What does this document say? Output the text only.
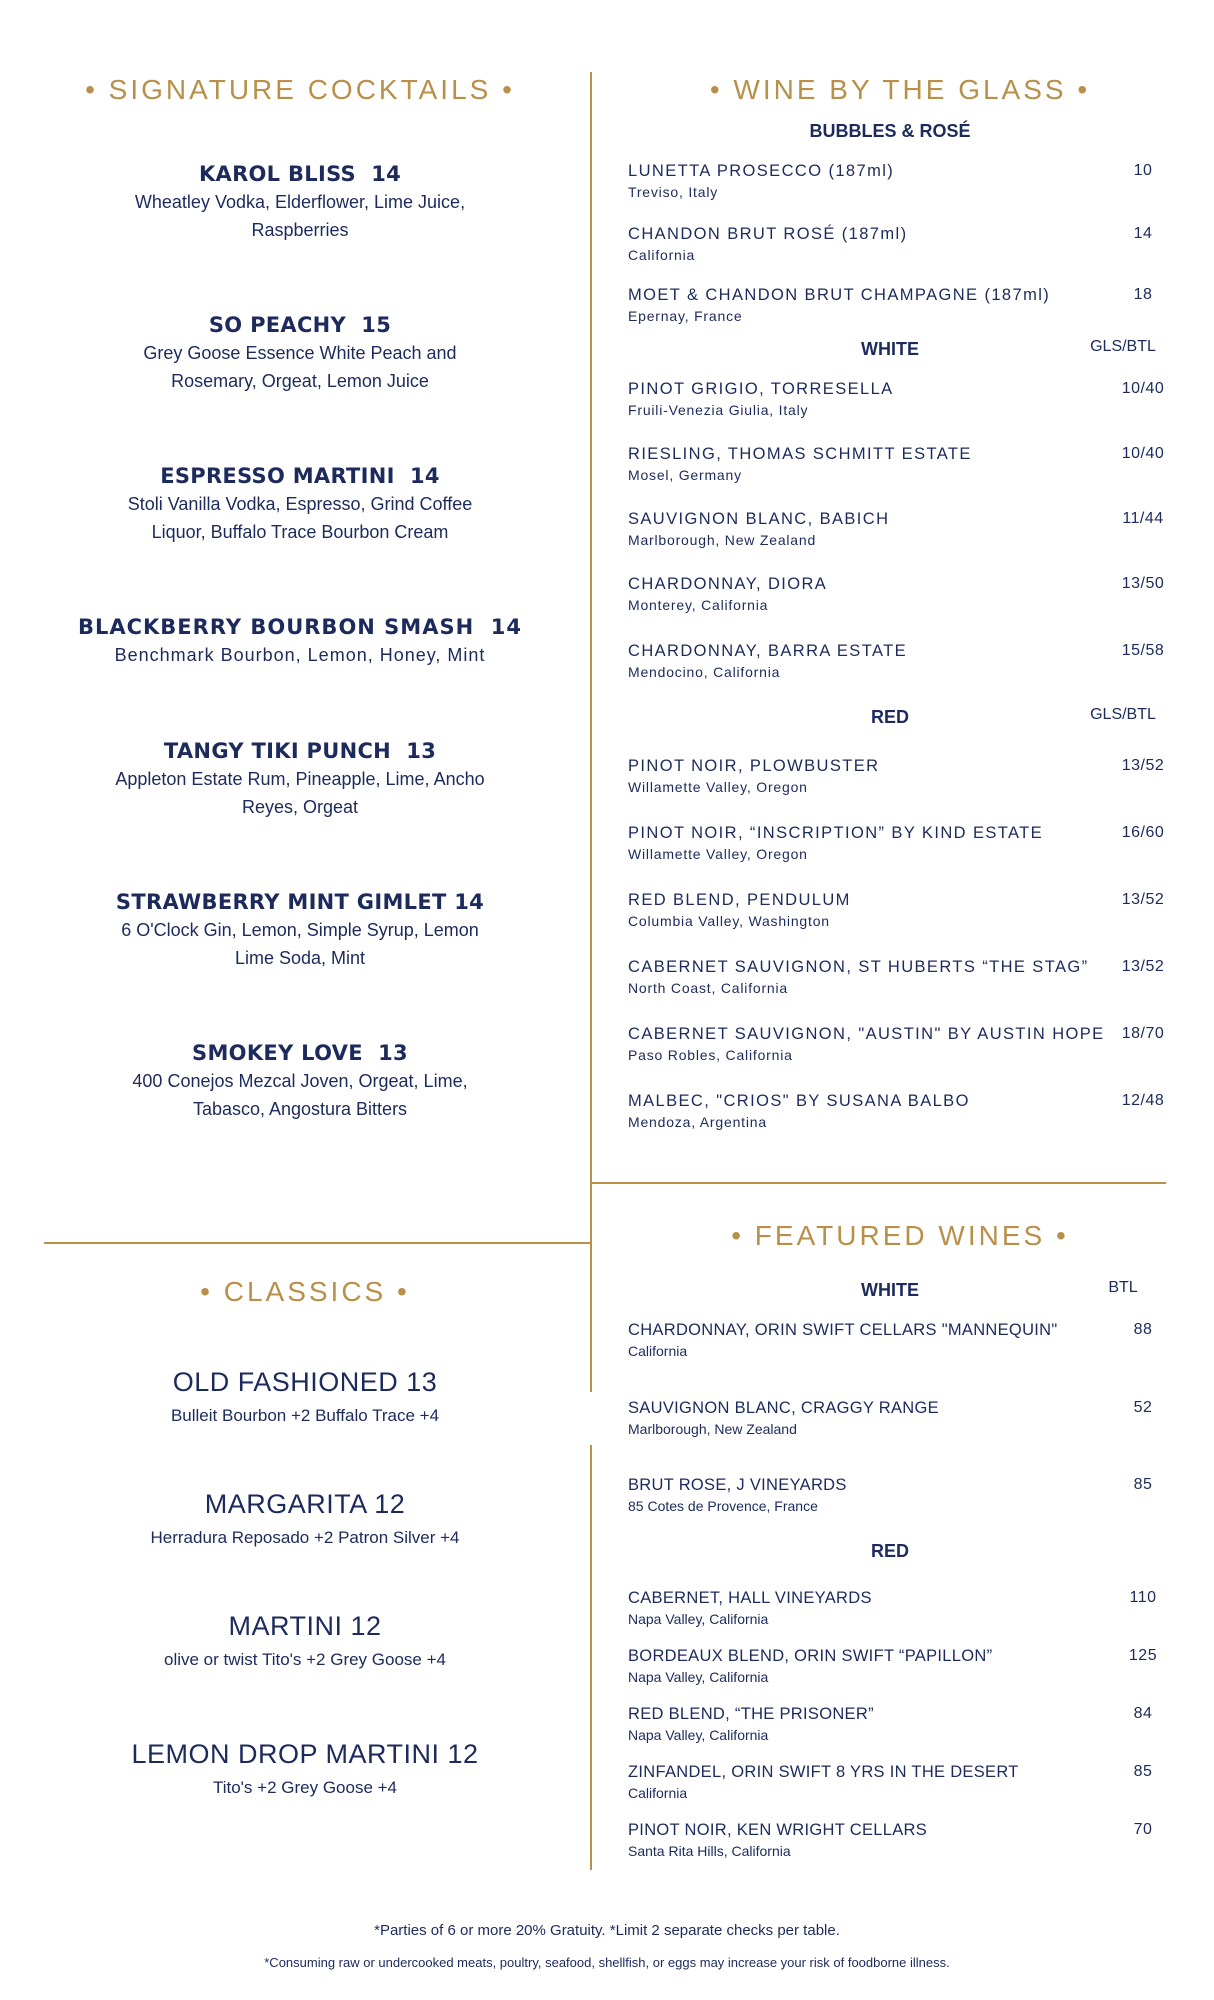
• SIGNATURE COCKTAILS •
KAROL BLISS 14
Wheatley Vodka, Elderflower, Lime Juice,
Raspberries
SO PEACHY 15
Grey Goose Essence White Peach and
Rosemary, Orgeat, Lemon Juice
ESPRESSO MARTINI 14
Stoli Vanilla Vodka, Espresso, Grind Coffee
Liquor, Buffalo Trace Bourbon Cream
BLACKBERRY BOURBON SMASH 14
Benchmark Bourbon, Lemon, Honey, Mint
TANGY TIKI PUNCH 13
Appleton Estate Rum, Pineapple, Lime, Ancho
Reyes, Orgeat
STRAWBERRY MINT GIMLET 14
6 O'Clock Gin, Lemon, Simple Syrup, Lemon
Lime Soda, Mint
SMOKEY LOVE 13
400 Conejos Mezcal Joven, Orgeat, Lime,
Tabasco, Angostura Bitters
• CLASSICS •
OLD FASHIONED 13
Bulleit Bourbon +2 Buffalo Trace +4
MARGARITA 12
Herradura Reposado +2 Patron Silver +4
MARTINI 12
olive or twist Tito's +2 Grey Goose +4
LEMON DROP MARTINI 12
Tito's +2 Grey Goose +4
• WINE BY THE GLASS •
BUBBLES & ROSÉ
LUNETTA PROSECCO (187ml)
Treviso, Italy
10
CHANDON BRUT ROSÉ (187ml)
California
14
MOET & CHANDON BRUT CHAMPAGNE (187ml)
Epernay, France
18
WHITE	GLS/BTL
PINOT GRIGIO, TORRESELLA
Fruili-Venezia Giulia, Italy
10/40
RIESLING, THOMAS SCHMITT ESTATE
Mosel, Germany
10/40
SAUVIGNON BLANC, BABICH
Marlborough, New Zealand
11/44
CHARDONNAY, DIORA
Monterey, California
13/50
CHARDONNAY, BARRA ESTATE
Mendocino, California
15/58
RED	GLS/BTL
PINOT NOIR, PLOWBUSTER
Willamette Valley, Oregon
13/52
PINOT NOIR, “INSCRIPTION” BY KIND ESTATE
Willamette Valley, Oregon
16/60
RED BLEND, PENDULUM
Columbia Valley, Washington
13/52
CABERNET SAUVIGNON, ST HUBERTS “THE STAG”
North Coast, California
13/52
CABERNET SAUVIGNON, "AUSTIN" BY AUSTIN HOPE
Paso Robles, California
18/70
MALBEC, "CRIOS" BY SUSANA BALBO
Mendoza, Argentina
12/48
• FEATURED WINES •
WHITE	BTL
CHARDONNAY, ORIN SWIFT CELLARS "MANNEQUIN"
California
88
SAUVIGNON BLANC, CRAGGY RANGE
Marlborough, New Zealand
52
BRUT ROSE, J VINEYARDS
85 Cotes de Provence, France
85
RED
CABERNET, HALL VINEYARDS
Napa Valley, California
110
BORDEAUX BLEND, ORIN SWIFT “PAPILLON”
Napa Valley, California
125
RED BLEND, “THE PRISONER”
Napa Valley, California
84
ZINFANDEL, ORIN SWIFT 8 YRS IN THE DESERT
California
85
PINOT NOIR, KEN WRIGHT CELLARS
Santa Rita Hills, California
70
*Parties of 6 or more 20% Gratuity. *Limit 2 separate checks per table.
*Consuming raw or undercooked meats, poultry, seafood, shellfish, or eggs may increase your risk of foodborne illness.
